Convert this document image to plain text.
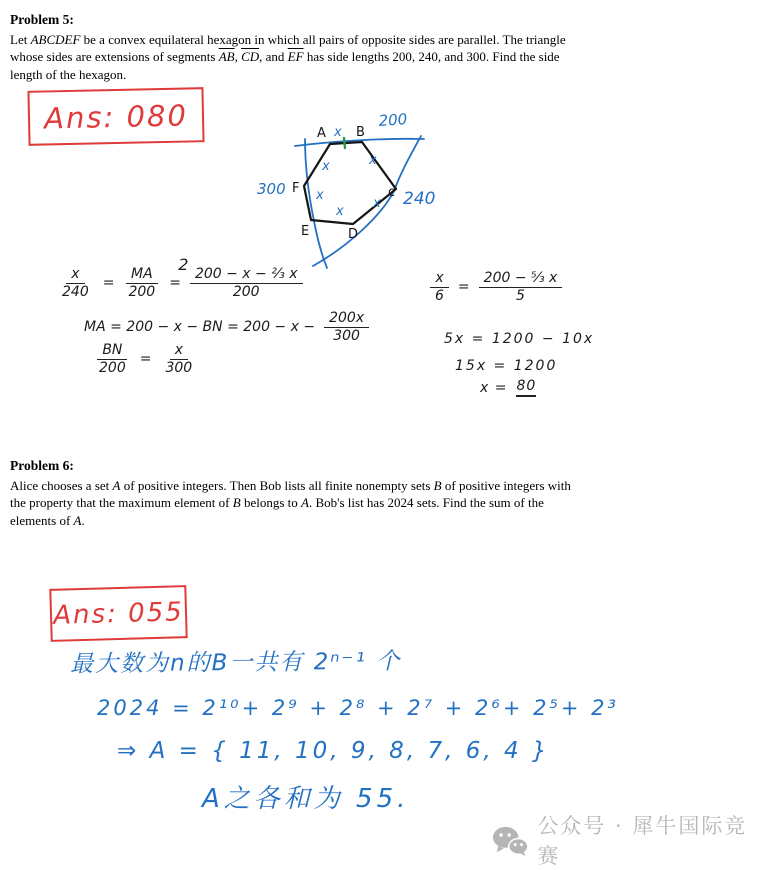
Problem 5:
Let ABCDEF be a convex equilateral hexagon in which all pairs of opposite sides are parallel. The triangle
whose sides are extensions of segments $\overline{AB}$, $\overline{CD}$, and $\overline{EF}$ has side lengths 200, 240, and 300. Find the side
length of the hexagon.
Ans: 080	A B
c
D
E
F
x
x
x
x
x
x
200
240
300
$\frac{x}{240} = \frac{MA}{200}$ =
2
$\frac{\text{200 − x − ²⁄₃ x}}{200}$
MA = 200 − x − BN = $200 - x - \frac{200x}{300}$
$\frac{BN}{200} = \frac{x}{300}$
$\frac{x}{6} = \frac{\text{200 − ⁵⁄₃ x}}{5}$
5x = 1200 − 10x
15x = 1200
x = 80
Problem 6:
Alice chooses a set A of positive integers. Then Bob lists all finite nonempty sets B of positive integers with
the property that the maximum element of B belongs to A. Bob's list has 2024 sets. Find the sum of the
elements of A.
Ans: 055
最大数为n的B一共有 2ⁿ⁻¹ 个
2024 = 2¹⁰+ 2⁹ + 2⁸ + 2⁷ + 2⁶+ 2⁵+ 2³
⇒ A = { 11, 10, 9, 8, 7, 6, 4 }
A之各和为 55.
公众号 · 犀牛国际竞赛
